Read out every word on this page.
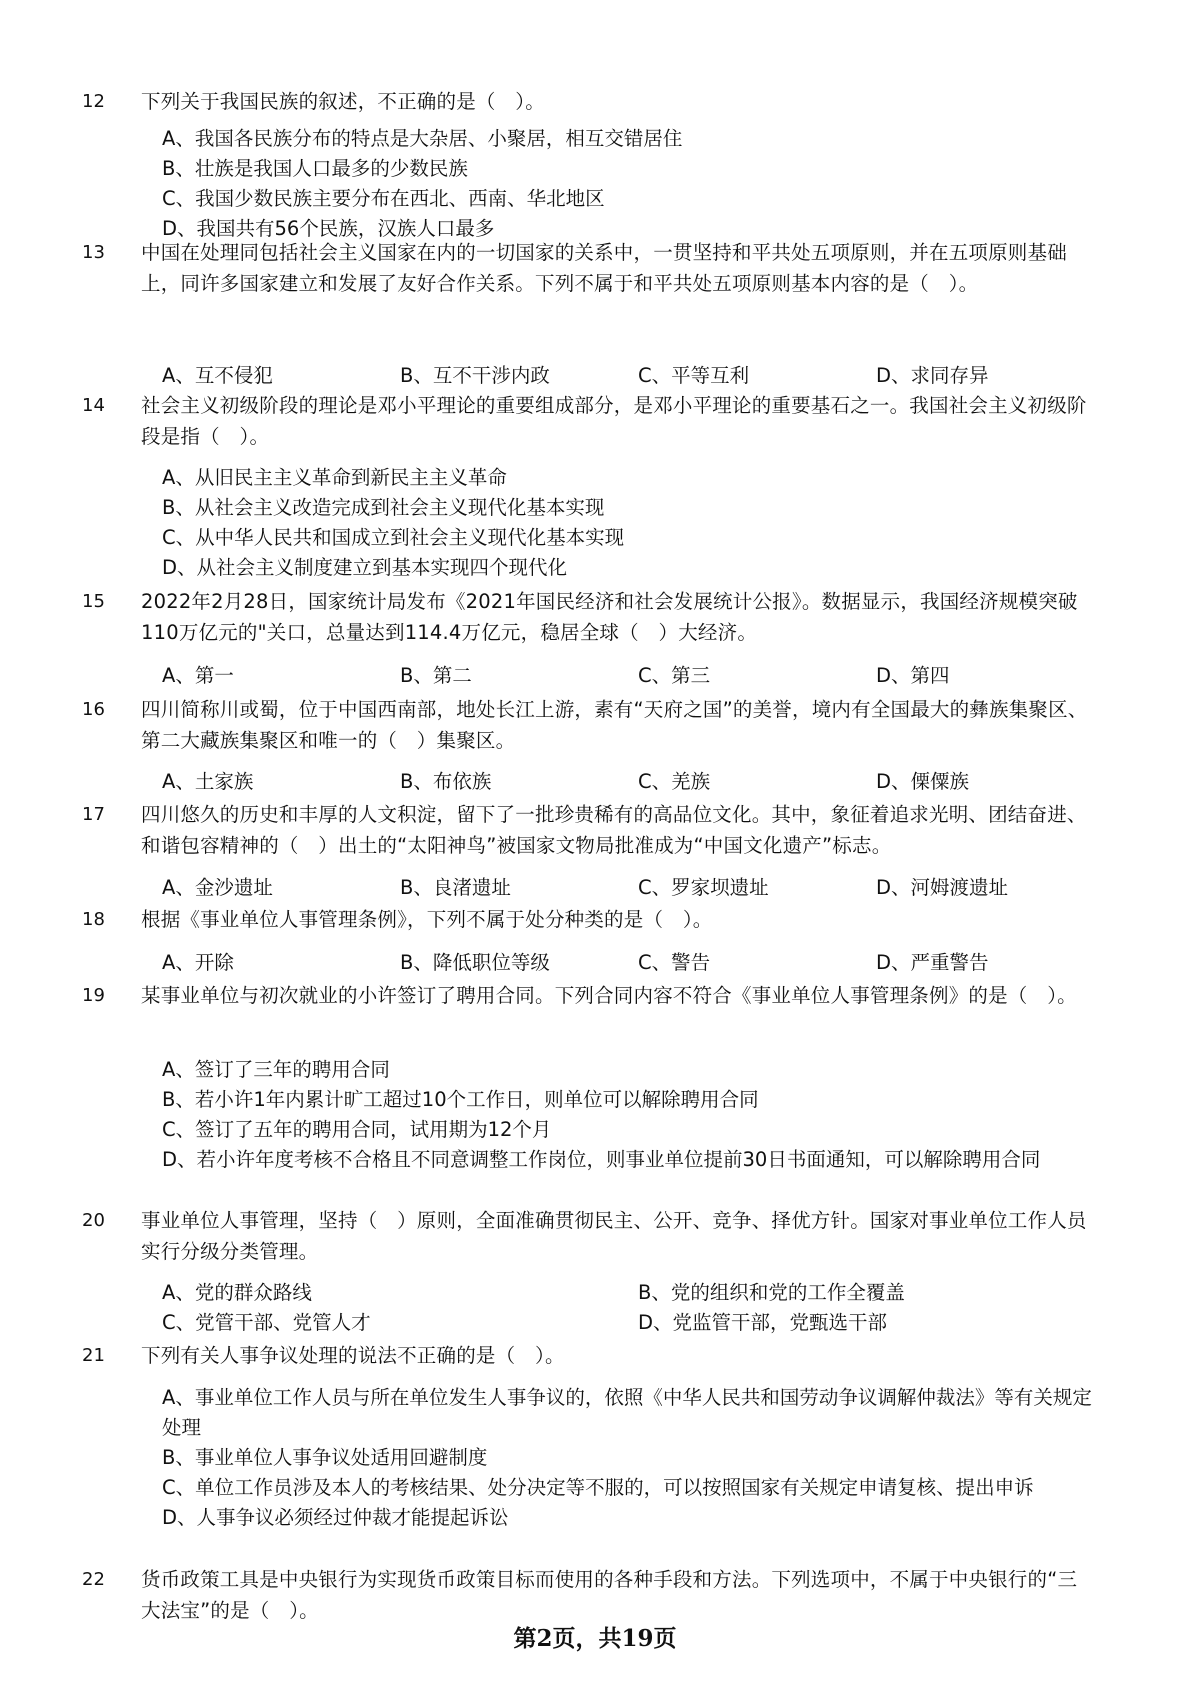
12 下列关于我国民族的叙述，不正确的是（　）。
A、我国各民族分布的特点是大杂居、小聚居，相互交错居住
B、壮族是我国人口最多的少数民族
C、我国少数民族主要分布在西北、西南、华北地区
D、我国共有56个民族，汉族人口最多
13 中国在处理同包括社会主义国家在内的一切国家的关系中，一贯坚持和平共处五项原则，并在五项原则基础上，同许多国家建立和发展了友好合作关系。下列不属于和平共处五项原则基本内容的是（　）。
A、互不侵犯	B、互不干涉内政	C、平等互利	D、求同存异
14 社会主义初级阶段的理论是邓小平理论的重要组成部分，是邓小平理论的重要基石之一。我国社会主义初级阶段是指（　）。
A、从旧民主主义革命到新民主主义革命
B、从社会主义改造完成到社会主义现代化基本实现
C、从中华人民共和国成立到社会主义现代化基本实现
D、从社会主义制度建立到基本实现四个现代化
15 2022年2月28日，国家统计局发布《2021年国民经济和社会发展统计公报》。数据显示，我国经济规模突破110万亿元的"关口，总量达到114.4万亿元，稳居全球（　）大经济。
A、第一	B、第二	C、第三	D、第四
16 四川简称川或蜀，位于中国西南部，地处长江上游，素有“天府之国”的美誉，境内有全国最大的彝族集聚区、第二大藏族集聚区和唯一的（　）集聚区。
A、土家族	B、布依族	C、羌族	D、傈僳族
17 四川悠久的历史和丰厚的人文积淀，留下了一批珍贵稀有的高品位文化。其中，象征着追求光明、团结奋进、和谐包容精神的（　）出土的“太阳神鸟”被国家文物局批准成为“中国文化遗产”标志。
A、金沙遗址	B、良渚遗址	C、罗家坝遗址	D、河姆渡遗址
18 根据《事业单位人事管理条例》，下列不属于处分种类的是（　）。
A、开除	B、降低职位等级	C、警告	D、严重警告
19 某事业单位与初次就业的小许签订了聘用合同。下列合同内容不符合《事业单位人事管理条例》的是（　）。
A、签订了三年的聘用合同
B、若小许1年内累计旷工超过10个工作日，则单位可以解除聘用合同
C、签订了五年的聘用合同，试用期为12个月
D、若小许年度考核不合格且不同意调整工作岗位，则事业单位提前30日书面通知，可以解除聘用合同
20 事业单位人事管理，坚持（　）原则，全面准确贯彻民主、公开、竞争、择优方针。国家对事业单位工作人员实行分级分类管理。
A、党的群众路线	B、党的组织和党的工作全覆盖
C、党管干部、党管人才	D、党监管干部，党甄选干部
21 下列有关人事争议处理的说法不正确的是（　）。
A、事业单位工作人员与所在单位发生人事争议的，依照《中华人民共和国劳动争议调解仲裁法》等有关规定处理
B、事业单位人事争议处适用回避制度
C、单位工作员涉及本人的考核结果、处分决定等不服的，可以按照国家有关规定申请复核、提出申诉
D、人事争议必须经过仲裁才能提起诉讼
22 货币政策工具是中央银行为实现货币政策目标而使用的各种手段和方法。下列选项中，不属于中央银行的“三大法宝”的是（　）。
第2页，共19页
